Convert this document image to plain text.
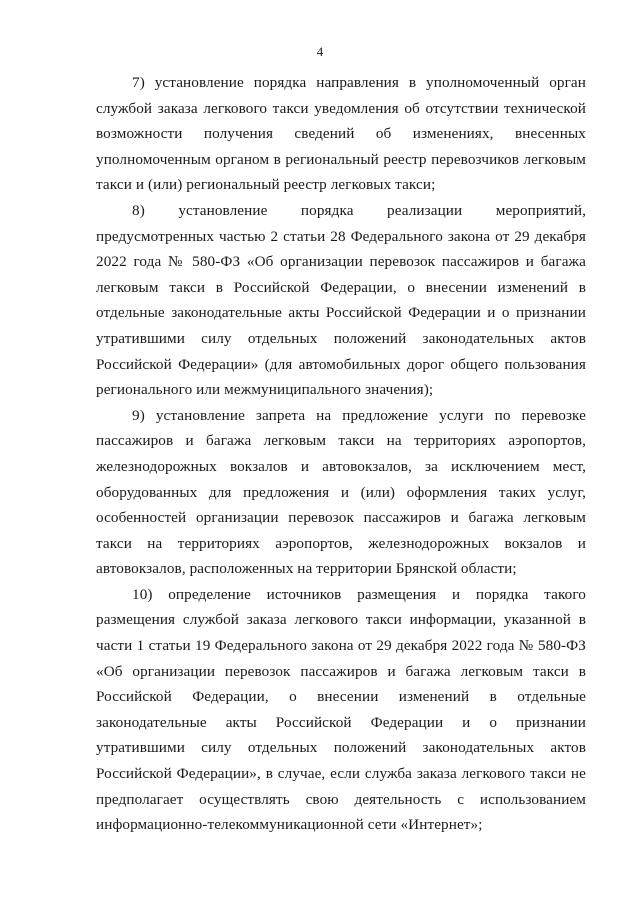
4

7) установление порядка направления в уполномоченный орган службой заказа легкового такси уведомления об отсутствии технической возможности получения сведений об изменениях, внесенных уполномоченным органом в региональный реестр перевозчиков легковым такси и (или) региональный реестр легковых такси;

8) установление порядка реализации мероприятий, предусмотренных частью 2 статьи 28 Федерального закона от 29 декабря 2022 года № 580-ФЗ «Об организации перевозок пассажиров и багажа легковым такси в Российской Федерации, о внесении изменений в отдельные законодательные акты Российской Федерации и о признании утратившими силу отдельных положений законодательных актов Российской Федерации» (для автомобильных дорог общего пользования регионального или межмуниципального значения);

9) установление запрета на предложение услуги по перевозке пассажиров и багажа легковым такси на территориях аэропортов, железнодорожных вокзалов и автовокзалов, за исключением мест, оборудованных для предложения и (или) оформления таких услуг, особенностей организации перевозок пассажиров и багажа легковым такси на территориях аэропортов, железнодорожных вокзалов и автовокзалов, расположенных на территории Брянской области;

10) определение источников размещения и порядка такого размещения службой заказа легкового такси информации, указанной в части 1 статьи 19 Федерального закона от 29 декабря 2022 года № 580-ФЗ «Об организации перевозок пассажиров и багажа легковым такси в Российской Федерации, о внесении изменений в отдельные законодательные акты Российской Федерации и о признании утратившими силу отдельных положений законодательных актов Российской Федерации», в случае, если служба заказа легкового такси не предполагает осуществлять свою деятельность с использованием информационно-телекоммуникационной сети «Интернет»;
